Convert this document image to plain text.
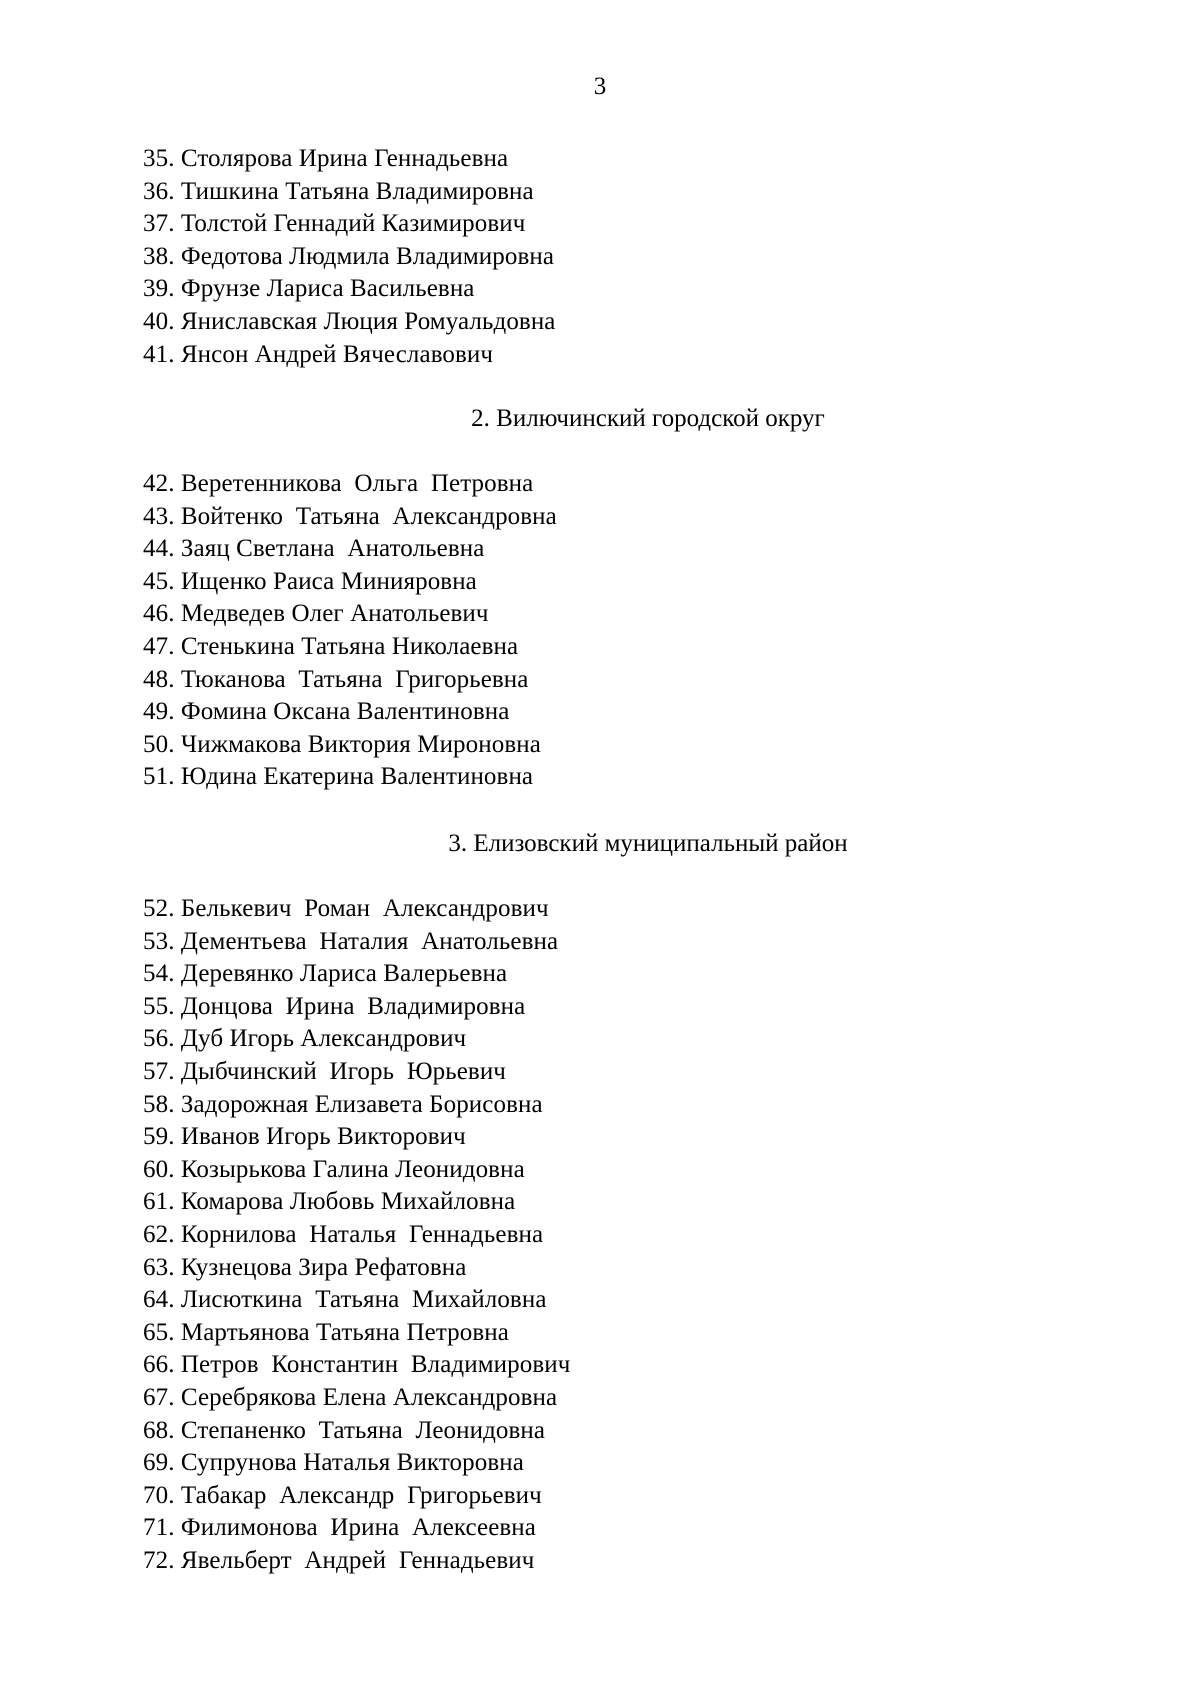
3
35. Столярова Ирина Геннадьевна
36. Тишкина Татьяна Владимировна
37. Толстой Геннадий Казимирович
38. Федотова Людмила Владимировна
39. Фрунзе Лариса Васильевна
40. Яниславская Люция Ромуальдовна
41. Янсон Андрей Вячеславович
2. Вилючинский городской округ
42. Веретенникова  Ольга  Петровна
43. Войтенко  Татьяна  Александровна
44. Заяц Светлана  Анатольевна
45. Ищенко Раиса Минияровна
46. Медведев Олег Анатольевич
47. Стенькина Татьяна Николаевна
48. Тюканова  Татьяна  Григорьевна
49. Фомина Оксана Валентиновна
50. Чижмакова Виктория Мироновна
51. Юдина Екатерина Валентиновна
3. Елизовский муниципальный район
52. Белькевич  Роман  Александрович
53. Дементьева  Наталия  Анатольевна
54. Деревянко Лариса Валерьевна
55. Донцова  Ирина  Владимировна
56. Дуб Игорь Александрович
57. Дыбчинский  Игорь  Юрьевич
58. Задорожная Елизавета Борисовна
59. Иванов Игорь Викторович
60. Козырькова Галина Леонидовна
61. Комарова Любовь Михайловна
62. Корнилова  Наталья  Геннадьевна
63. Кузнецова Зира Рефатовна
64. Лисюткина  Татьяна  Михайловна
65. Мартьянова Татьяна Петровна
66. Петров  Константин  Владимирович
67. Серебрякова Елена Александровна
68. Степаненко  Татьяна  Леонидовна
69. Супрунова Наталья Викторовна
70. Табакар  Александр  Григорьевич
71. Филимонова  Ирина  Алексеевна
72. Явельберт  Андрей  Геннадьевич
